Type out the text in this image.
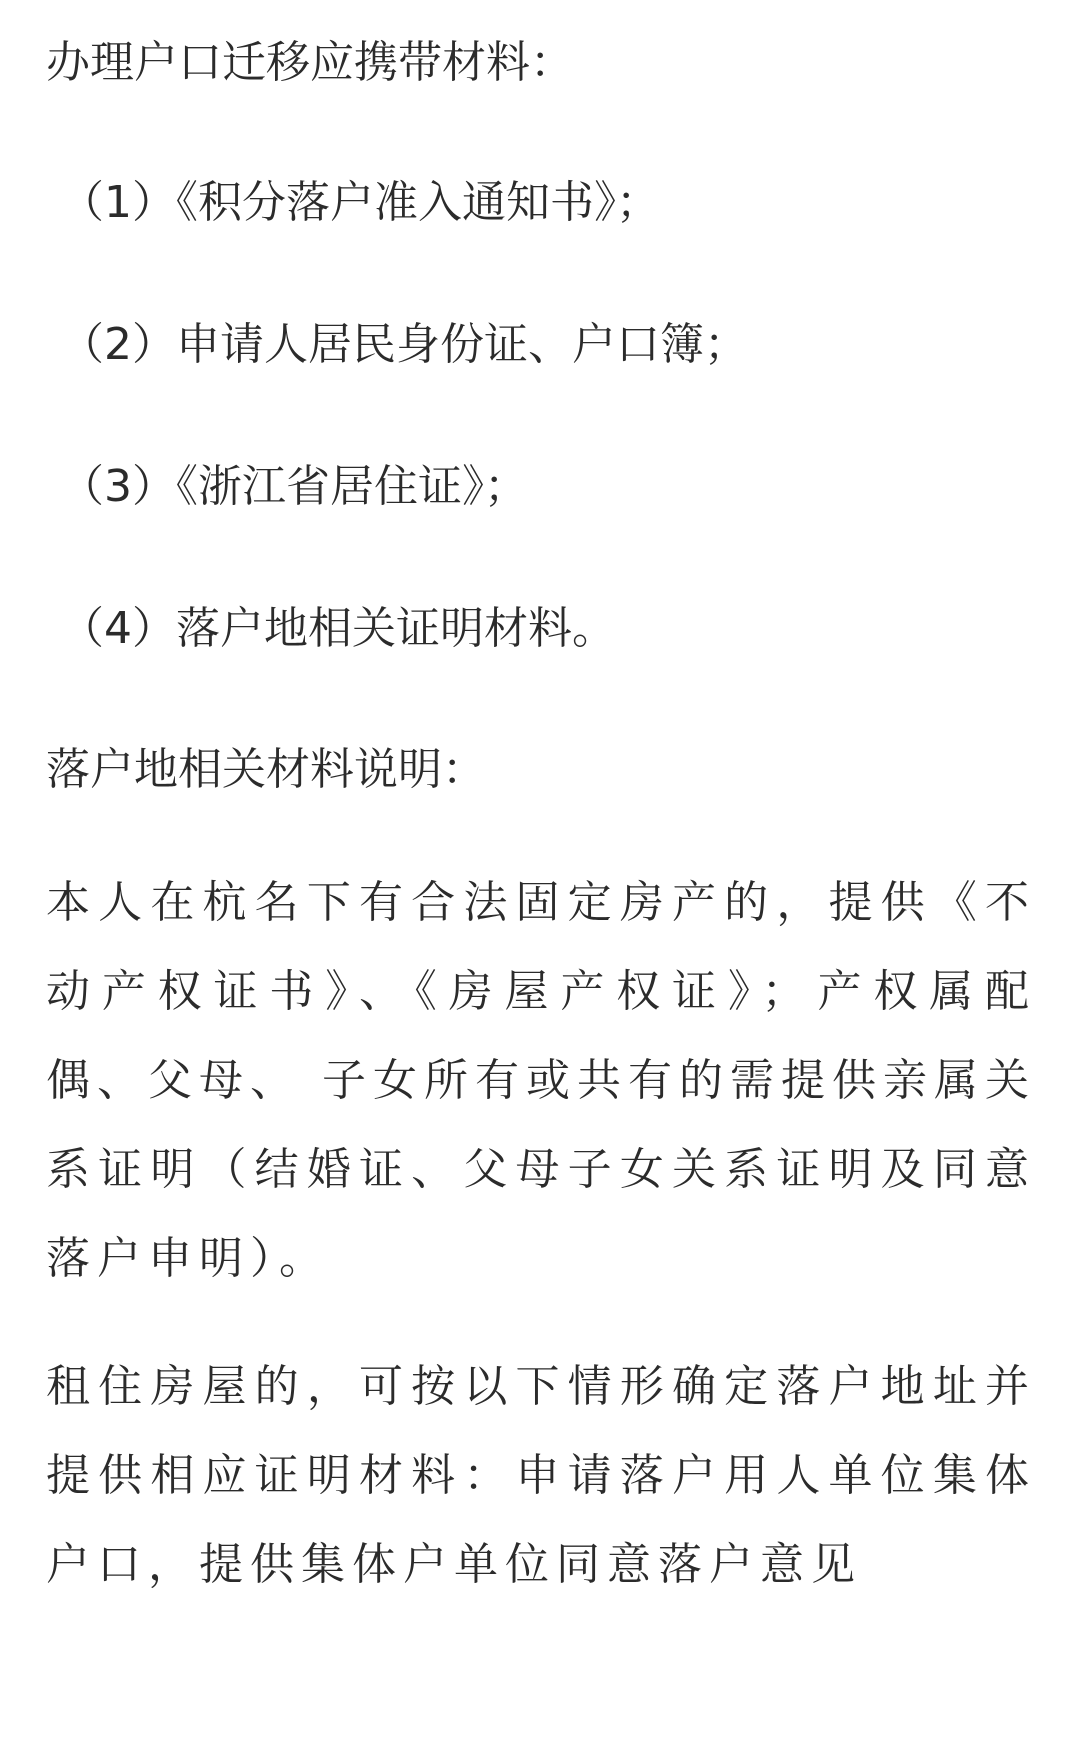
办理户口迁移应携带材料：
（1）《积分落户准入通知书》；
（2）申请人居民身份证、户口簿；
（3）《浙江省居住证》；
（4）落户地相关证明材料。
落户地相关材料说明：
本人在杭名下有合法固定房产的，提供《不动产权证书》、《房屋产权证》；产权属配偶、父母、 子女所有或共有的需提供亲属关系证明（结婚证、父母子女关系证明及同意落户申明）。
租住房屋的，可按以下情形确定落户地址并提供相应证明材料：申请落户用人单位集体户口，提供集体户单位同意落户意见
